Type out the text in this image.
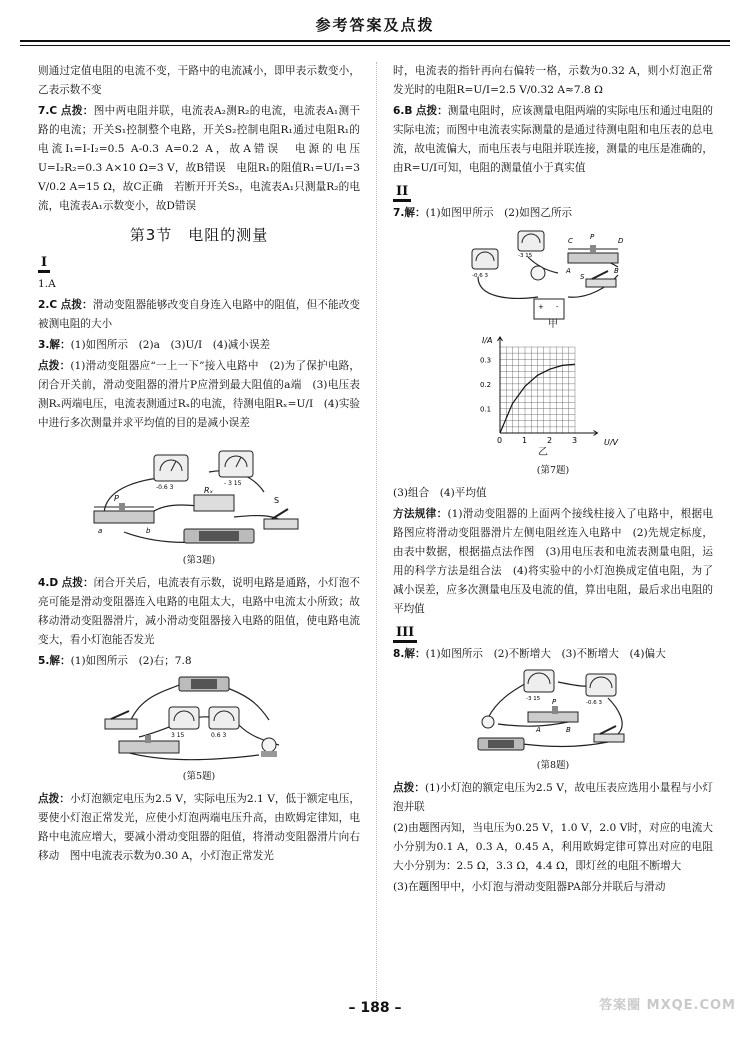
参考答案及点拨

则通过定值电阻的电流不变，干路中的电流减小，即甲表示数变小，乙表示数不变

7.C 点拨：图中两电阻并联，电流表A₂测R₂的电流，电流表A₁测干路的电流；开关S₁控制整个电路，开关S₂控制电阻R₁通过电阻R₁的电流I₁=I-I₂=0.5 A-0.3 A=0.2 A，故A错误　电源的电压U=I₂R₂=0.3 A×10 Ω=3 V，故B错误　电阻R₁的阻值R₁=U/I₁=3 V/0.2 A=15 Ω，故C正确　若断开开关S₂，电流表A₁只测量R₂的电流，电流表A₁示数变小，故D错误

第3节　电阻的测量
I

1.A

2.C 点拨：滑动变阻器能够改变自身连入电路中的阻值，但不能改变被测电阻的大小

3.解：(1)如图所示　(2)a　(3)U/I　(4)减小误差

点拨：(1)滑动变阻器应“一上一下”接入电路中　(2)为了保护电路，闭合开关前，滑动变阻器的滑片P应滑到最大阻值的a端　(3)电压表测Rₓ两端电压，电流表测通过Rₓ的电流，待测电阻Rₓ=U/I　(4)实验中进行多次测量并求平均值的目的是减小误差

-0.6 3
- 3 15
Rₓ
P
a	b
S
(第3题)

4.D 点拨：闭合开关后，电流表有示数，说明电路是通路，小灯泡不亮可能是滑动变阻器连入电路的电阻太大，电路中电流太小所致；故移动滑动变阻器滑片，减小滑动变阻器接入电路的阻值，使电路电流变大，看小灯泡能否发光

5.解：(1)如图所示　(2)右；7.8

3 15	0.6 3
(第5题)

点拨：小灯泡额定电压为2.5 V，实际电压为2.1 V，低于额定电压，要使小灯泡正常发光，应使小灯泡两端电压升高，由欧姆定律知，电路中电流应增大，要减小滑动变阻器的阻值，将滑动变阻器滑片向右移动　图中电流表示数为0.30 A，小灯泡正常发光

时，电流表的指针再向右偏转一格，示数为0.32 A，则小灯泡正常发光时的电阻R=U/I=2.5 V/0.32 A≈7.8 Ω

6.B 点拨：测量电阻时，应该测量电阻两端的实际电压和通过电阻的实际电流；而图中电流表实际测量的是通过待测电阻和电压表的总电流，故电流偏大，而电压表与电阻并联连接，测量的电压是准确的，由R=U/I可知，电阻的测量值小于真实值

II

7.解：(1)如图甲所示　(2)如图乙所示

-3 15
-0.6 3
C P	D
A	B
S
+ -
甲
0 1 2 3
0.1
0.2
0.3
I/A
U/V
乙
(第7题)

(3)组合　(4)平均值

方法规律：(1)滑动变阻器的上面两个接线柱接入了电路中，根据电路图应将滑动变阻器滑片左侧电阻丝连入电路中　(2)先规定标度，由表中数据，根据描点法作图　(3)用电压表和电流表测量电阻，运用的科学方法是组合法　(4)将实验中的小灯泡换成定值电阻，为了减小误差，应多次测量电压及电流的值，算出电阻，最后求出电阻的平均值

III

8.解：(1)如图所示　(2)不断增大　(3)不断增大　(4)偏大

-3 15
-0.6 3
P
A	B
(第8题)

点拨：(1)小灯泡的额定电压为2.5 V，故电压表应选用小量程与小灯泡并联

(2)由题图丙知，当电压为0.25 V，1.0 V，2.0 V时，对应的电流大小分别为0.1 A，0.3 A，0.45 A，利用欧姆定律可算出对应的电阻大小分别为：2.5 Ω，3.3 Ω，4.4 Ω，即灯丝的电阻不断增大

(3)在题图甲中，小灯泡与滑动变阻器PA部分并联后与滑动

– 188 –	答案圈 MXQE.COM
